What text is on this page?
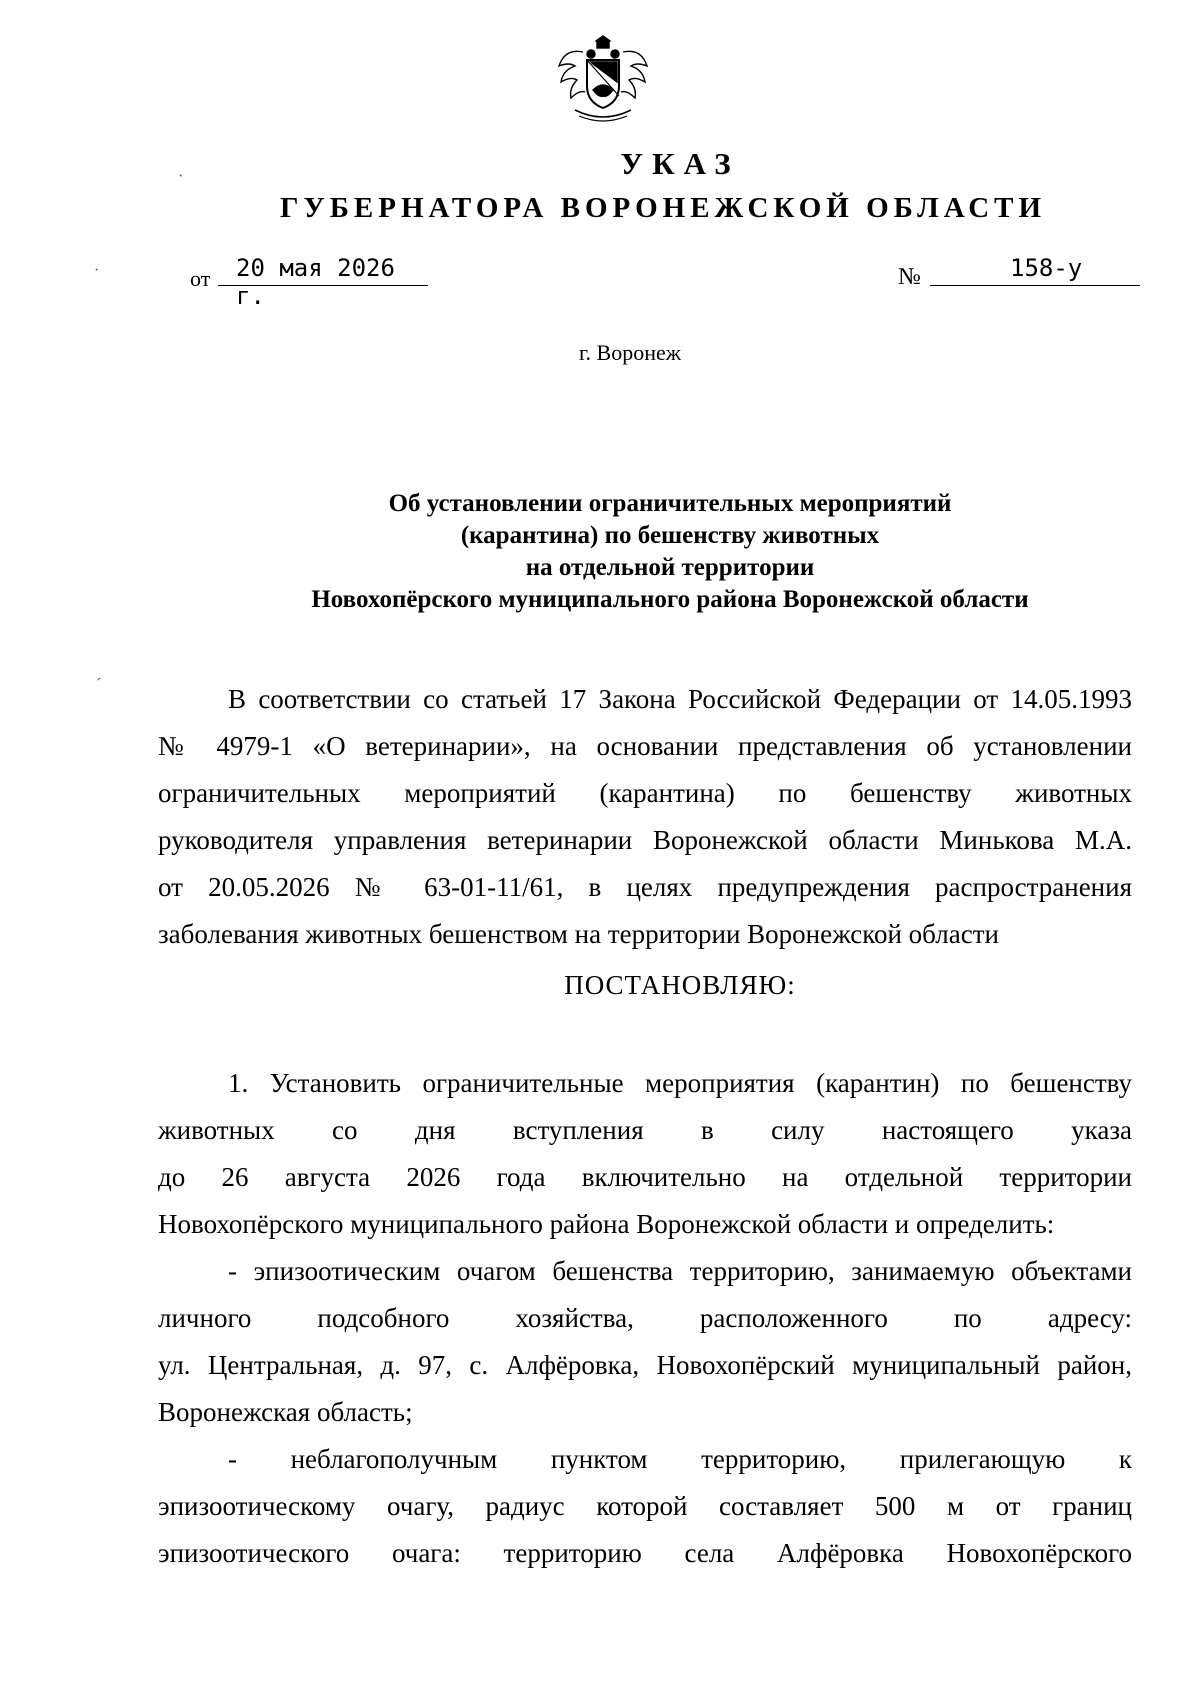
УКАЗ
ГУБЕРНАТОРА ВОРОНЕЖСКОЙ ОБЛАСТИ
·
·
ˊ
от	20 мая 2026 г.
№	158-у
г. Воронеж
Об установлении ограничительных мероприятий
(карантина) по бешенству животных
на отдельной территории
Новохопёрского муниципального района Воронежской области
В соответствии со статьей 17 Закона Российской Федерации от 14.05.1993
№ 4979-1 «О ветеринарии», на основании представления об установлении
ограничительных мероприятий (карантина) по бешенству животных
руководителя управления ветеринарии Воронежской области Минькова М.А.
от 20.05.2026 № 63-01-11/61, в целях предупреждения распространения
заболевания животных бешенством на территории Воронежской области
ПОСТАНОВЛЯЮ:
1. Установить ограничительные мероприятия (карантин) по бешенству
животных со дня вступления в силу настоящего указа
до 26 августа 2026 года включительно на отдельной территории
Новохопёрского муниципального района Воронежской области и определить:
- эпизоотическим очагом бешенства территорию, занимаемую объектами
личного подсобного хозяйства, расположенного по адресу:
ул. Центральная, д. 97, с. Алфёровка, Новохопёрский муниципальный район,
Воронежская область;
- неблагополучным пунктом территорию, прилегающую к
эпизоотическому очагу, радиус которой составляет 500 м от границ
эпизоотического очага: территорию села Алфёровка Новохопёрского
